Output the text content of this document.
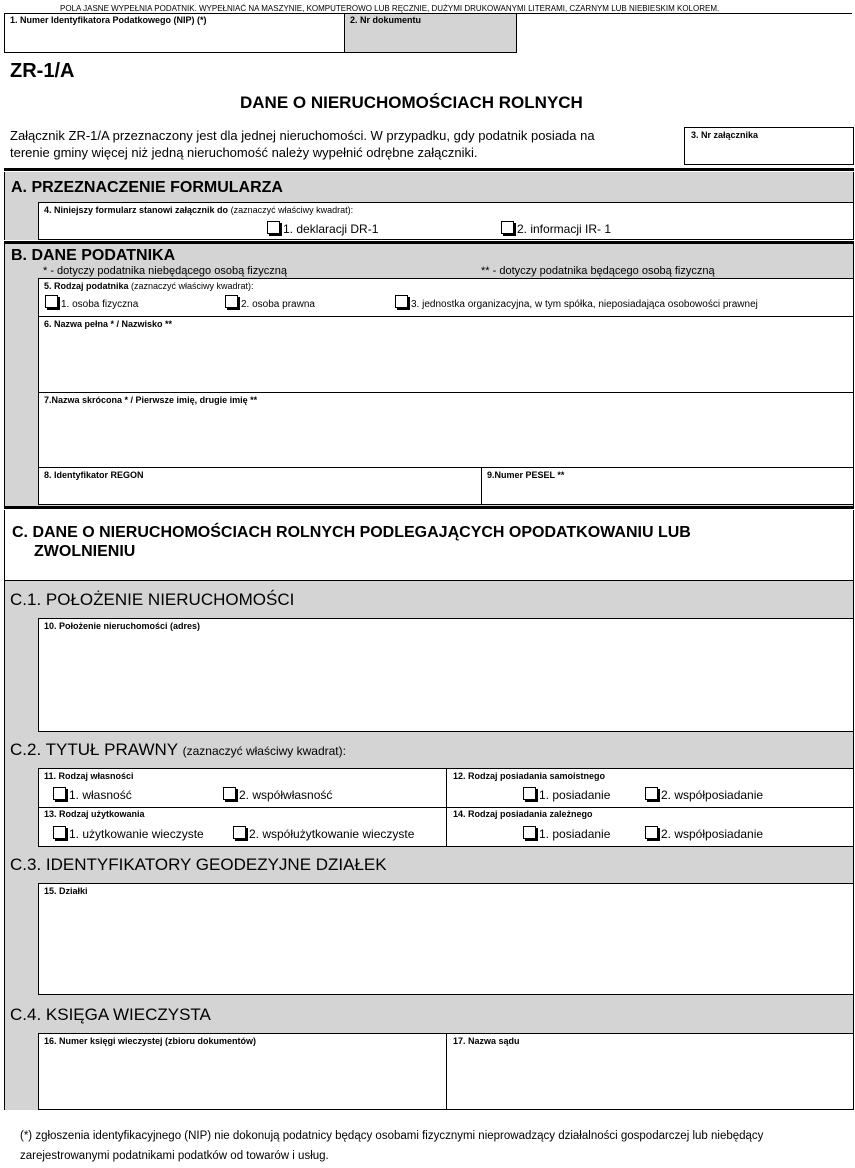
POLA JASNE WYPEŁNIA PODATNIK. WYPEŁNIAĆ NA MASZYNIE, KOMPUTEROWO LUB RĘCZNIE, DUŻYMI DRUKOWANYMI LITERAMI, CZARNYM LUB NIEBIESKIM KOLOREM.
1. Numer Identyfikatora Podatkowego (NIP) (*)	2. Nr dokumentu
ZR-1/A
DANE O NIERUCHOMOŚCIACH ROLNYCH
Załącznik ZR-1/A przeznaczony jest dla jednej nieruchomości. W przypadku, gdy podatnik posiada na
terenie gminy więcej niż jedną nieruchomość należy wypełnić odrębne załączniki.
3. Nr załącznika
A. PRZEZNACZENIE FORMULARZA
4. Niniejszy formularz stanowi załącznik do (zaznaczyć właściwy kwadrat):
1. deklaracji DR-1	2. informacji IR- 1
B. DANE PODATNIKA
* - dotyczy podatnika niebędącego osobą fizyczną	** - dotyczy podatnika będącego osobą fizyczną
5. Rodzaj podatnika (zaznaczyć właściwy kwadrat):
1. osoba fizyczna	2. osoba prawna	3. jednostka organizacyjna, w tym spółka, nieposiadająca osobowości prawnej
6. Nazwa pełna * / Nazwisko **
7.Nazwa skrócona * / Pierwsze imię, drugie imię **
8. Identyfikator REGON	9.Numer PESEL **
C. DANE O NIERUCHOMOŚCIACH ROLNYCH PODLEGAJĄCYCH OPODATKOWANIU LUB
ZWOLNIENIU
C.1. POŁOŻENIE NIERUCHOMOŚCI
10. Położenie nieruchomości (adres)
C.2. TYTUŁ PRAWNY (zaznaczyć właściwy kwadrat):
11. Rodzaj własności
1. własność	2. współwłasność
12. Rodzaj posiadania samoistnego
1. posiadanie	2. współposiadanie
13. Rodzaj użytkowania
1. użytkowanie wieczyste	2. współużytkowanie wieczyste
14. Rodzaj posiadania zależnego
1. posiadanie	2. współposiadanie
C.3. IDENTYFIKATORY GEODEZYJNE DZIAŁEK
15. Działki
C.4. KSIĘGA WIECZYSTA
16. Numer księgi wieczystej (zbioru dokumentów)	17. Nazwa sądu
(*) zgłoszenia identyfikacyjnego (NIP) nie dokonują podatnicy będący osobami fizycznymi nieprowadzący działalności gospodarczej lub niebędący
zarejestrowanymi podatnikami podatków od towarów i usług.
